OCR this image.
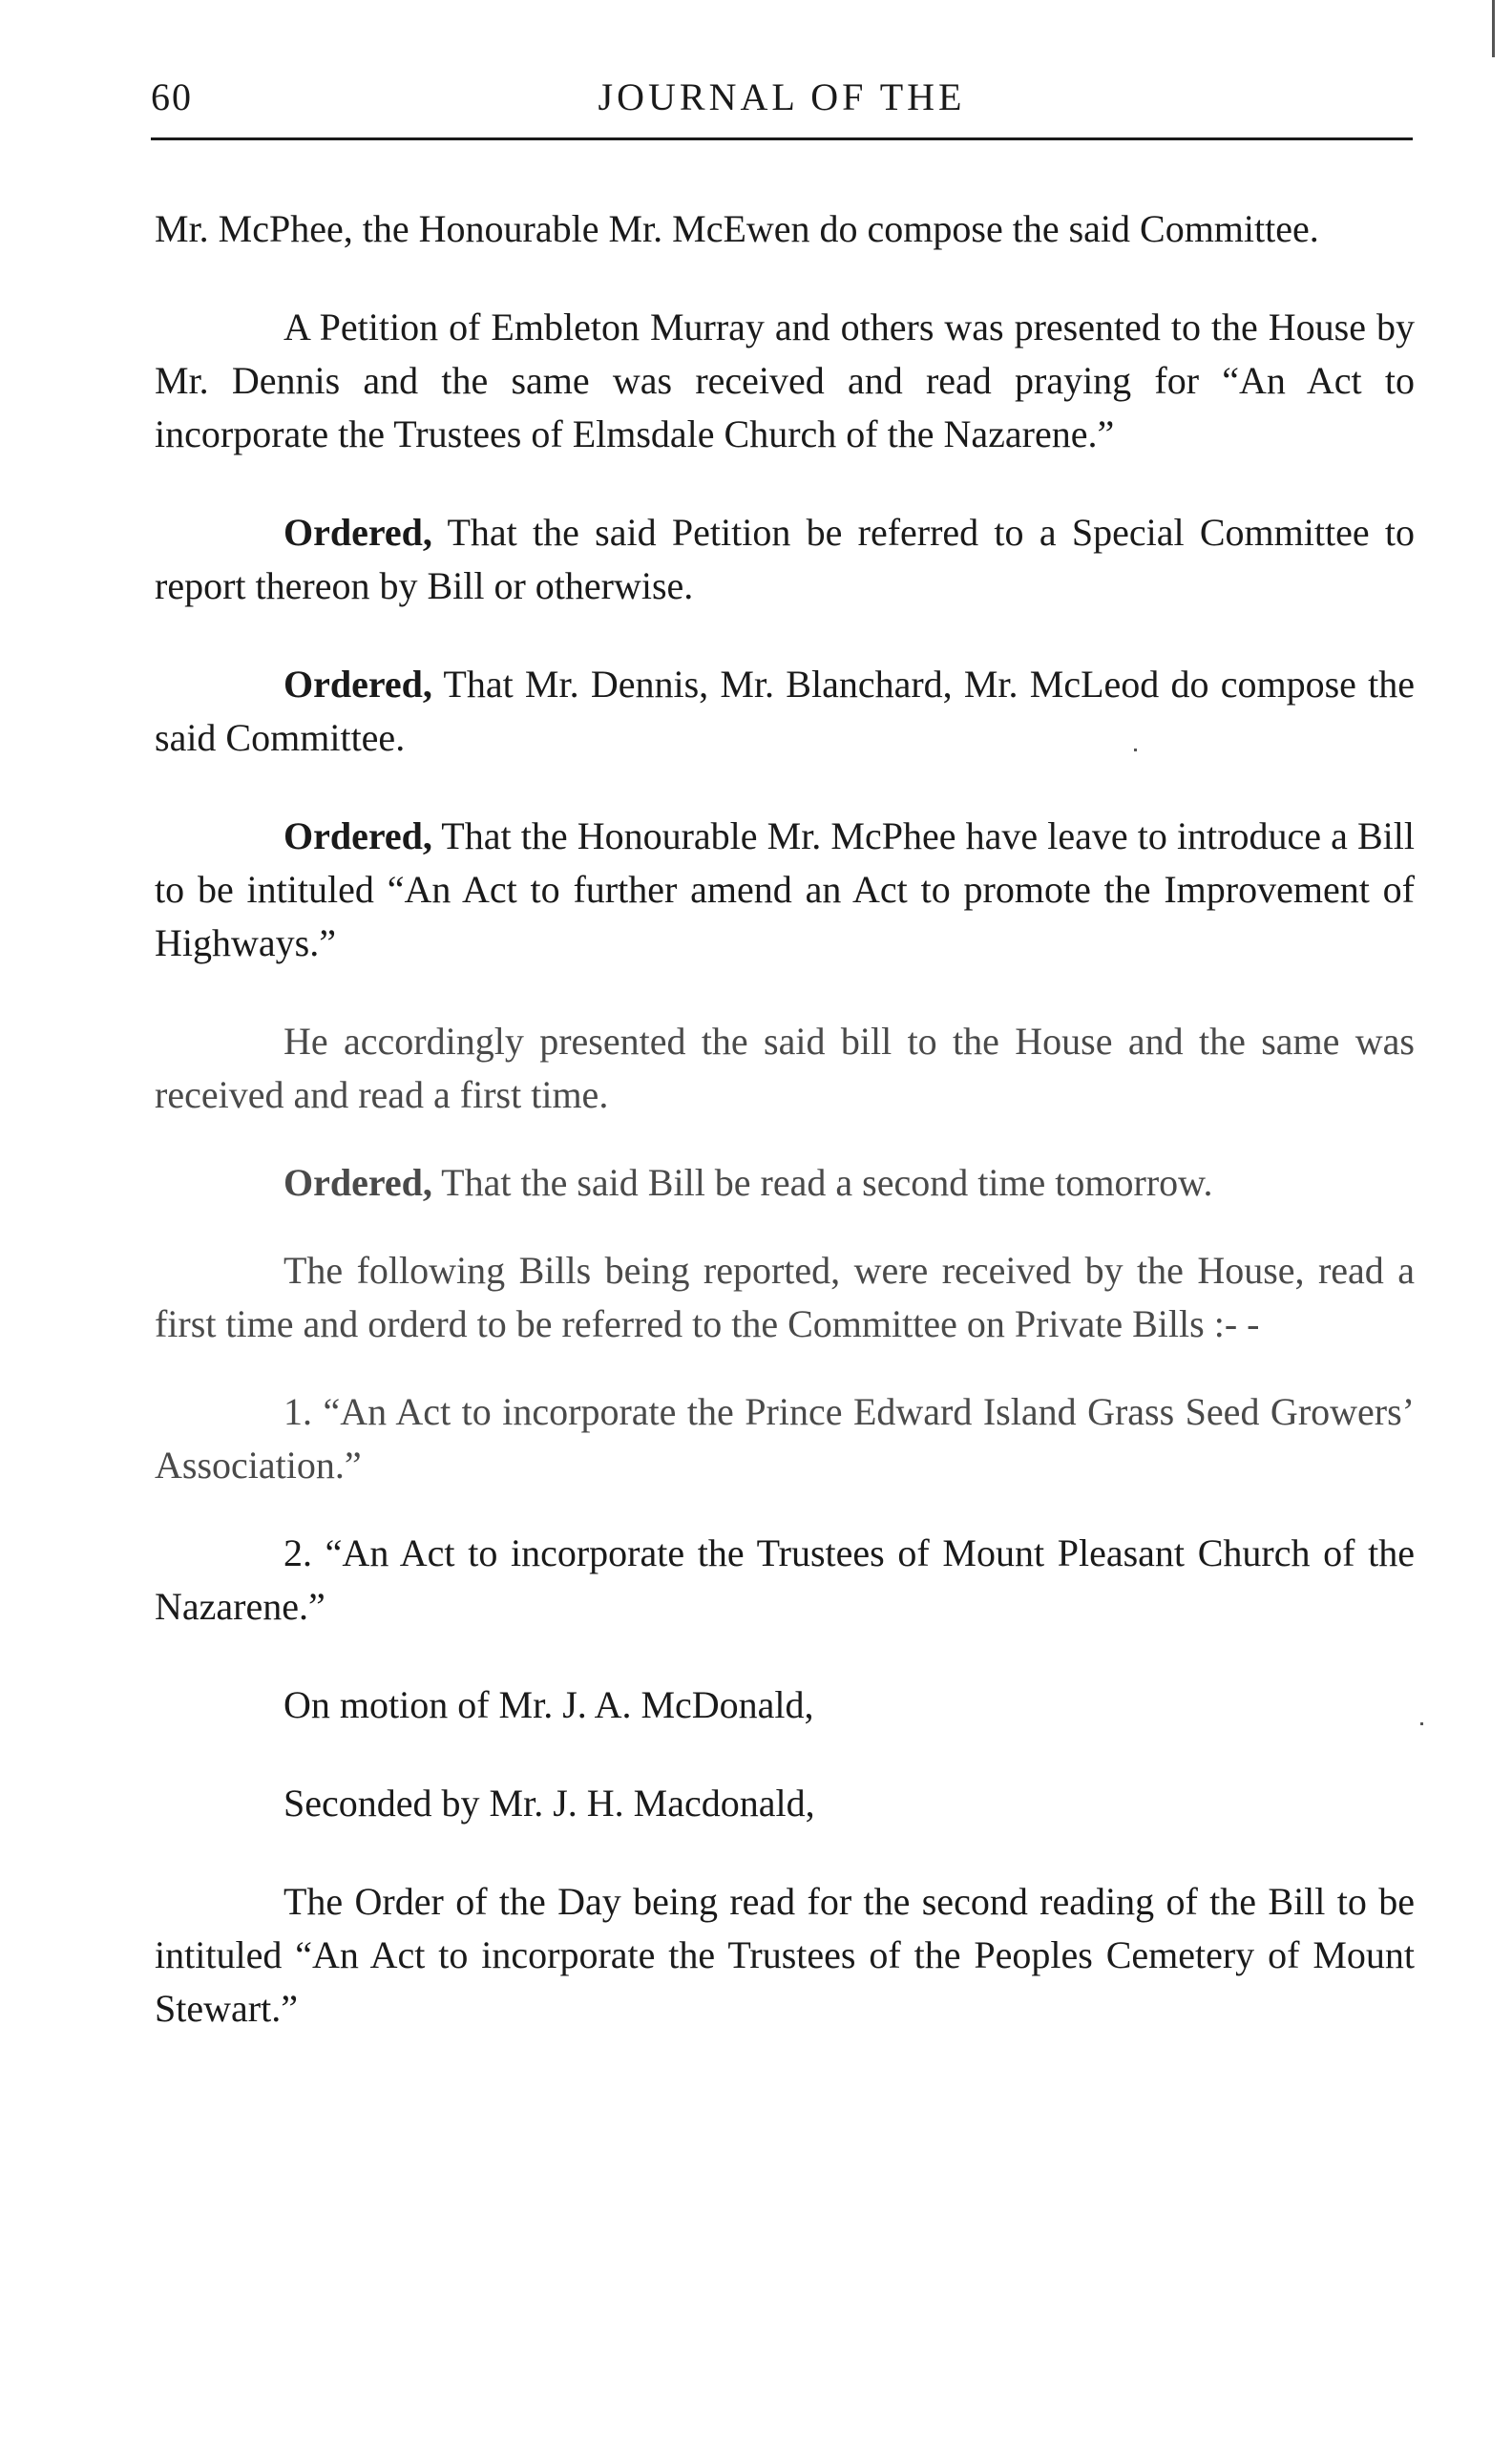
60	JOURNAL OF THE

Mr. McPhee, the Honourable Mr. McEwen do compose the said Committee.

A Petition of Embleton Murray and others was presented to the House by Mr. Dennis and the same was received and read praying for “An Act to incorporate the Trustees of Elmsdale Church of the Nazarene.”

Ordered, That the said Petition be referred to a Special Committee to report thereon by Bill or otherwise.

Ordered, That Mr. Dennis, Mr. Blanchard, Mr. McLeod do compose the said Committee.

Ordered, That the Honourable Mr. McPhee have leave to introduce a Bill to be intituled “An Act to further amend an Act to promote the Improvement of Highways.”

He accordingly presented the said bill to the House and the same was received and read a first time.

Ordered, That the said Bill be read a second time tomorrow.

The following Bills being reported, were received by the House, read a first time and orderd to be referred to the Committee on Private Bills :- -

1. “An Act to incorporate the Prince Edward Island Grass Seed Growers’ Association.”

2. “An Act to incorporate the Trustees of Mount Pleasant Church of the Nazarene.”

On motion of Mr. J. A. McDonald,

Seconded by Mr. J. H. Macdonald,

The Order of the Day being read for the second reading of the Bill to be intituled “An Act to incorporate the Trustees of the Peoples Cemetery of Mount Stewart.”
